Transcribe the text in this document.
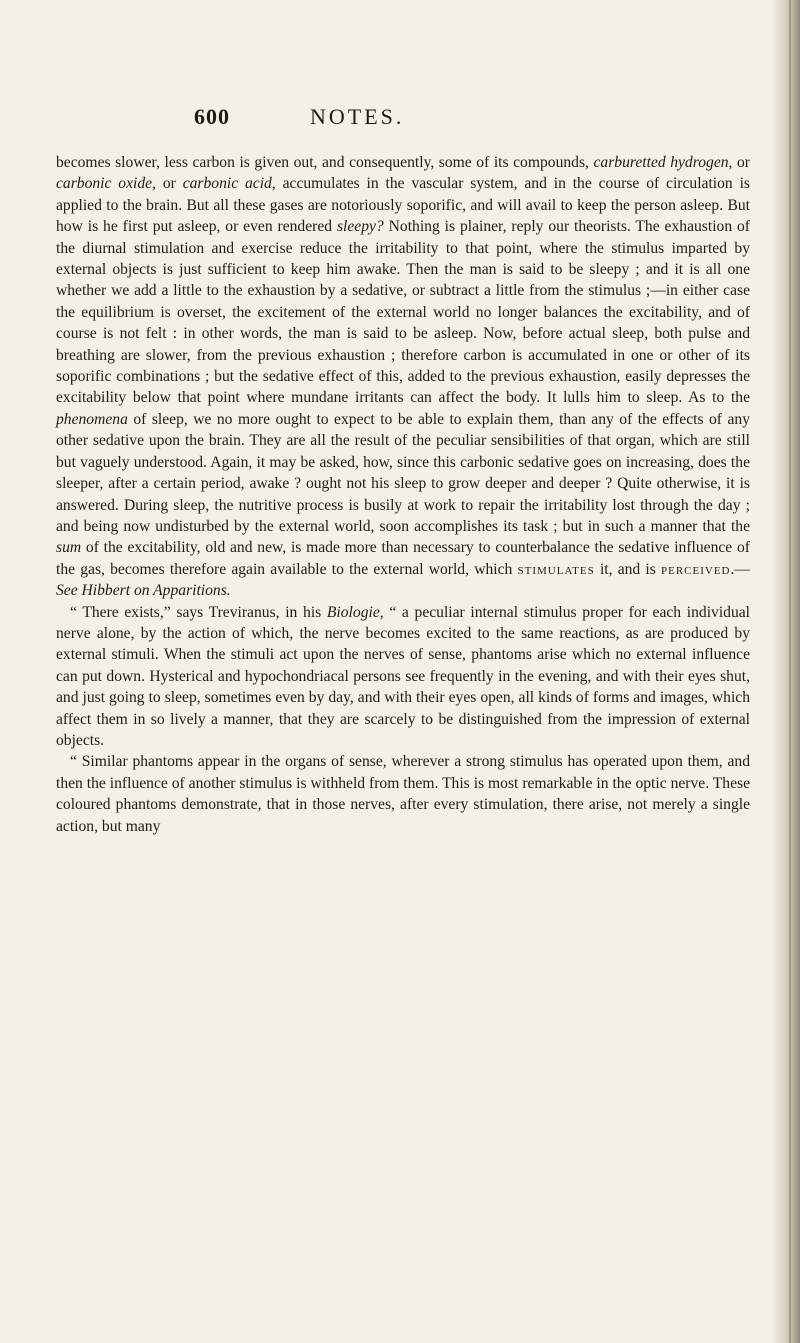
600	NOTES.

becomes slower, less carbon is given out, and consequently, some of its compounds, carburetted hydrogen, or carbonic oxide, or carbonic acid, accumulates in the vascular system, and in the course of circulation is applied to the brain. But all these gases are notoriously soporific, and will avail to keep the person asleep. But how is he first put asleep, or even rendered sleepy? Nothing is plainer, reply our theorists. The exhaustion of the diurnal stimulation and exercise reduce the irritability to that point, where the stimulus imparted by external objects is just sufficient to keep him awake. Then the man is said to be sleepy ; and it is all one whether we add a little to the exhaustion by a sedative, or subtract a little from the stimulus ;—in either case the equilibrium is overset, the excitement of the external world no longer balances the excitability, and of course is not felt : in other words, the man is said to be asleep. Now, before actual sleep, both pulse and breathing are slower, from the previous exhaustion ; therefore carbon is accumulated in one or other of its soporific combinations ; but the sedative effect of this, added to the previous exhaustion, easily depresses the excitability below that point where mundane irritants can affect the body. It lulls him to sleep. As to the phenomena of sleep, we no more ought to expect to be able to explain them, than any of the effects of any other sedative upon the brain. They are all the result of the peculiar sensibilities of that organ, which are still but vaguely understood. Again, it may be asked, how, since this carbonic sedative goes on increasing, does the sleeper, after a certain period, awake ? ought not his sleep to grow deeper and deeper ? Quite otherwise, it is answered. During sleep, the nutritive process is busily at work to repair the irritability lost through the day ; and being now undisturbed by the external world, soon accomplishes its task ; but in such a manner that the sum of the excitability, old and new, is made more than necessary to counterbalance the sedative influence of the gas, becomes therefore again available to the external world, which stimulates it, and is perceived.—See Hibbert on Apparitions.

“ There exists,” says Treviranus, in his Biologie, “ a peculiar internal stimulus proper for each individual nerve alone, by the action of which, the nerve becomes excited to the same reactions, as are produced by external stimuli. When the stimuli act upon the nerves of sense, phantoms arise which no external influence can put down. Hysterical and hypochondriacal persons see frequently in the evening, and with their eyes shut, and just going to sleep, sometimes even by day, and with their eyes open, all kinds of forms and images, which affect them in so lively a manner, that they are scarcely to be distinguished from the impression of external objects.

“ Similar phantoms appear in the organs of sense, wherever a strong stimulus has operated upon them, and then the influence of another stimulus is withheld from them. This is most remarkable in the optic nerve. These coloured phantoms demonstrate, that in those nerves, after every stimulation, there arise, not merely a single action, but many
